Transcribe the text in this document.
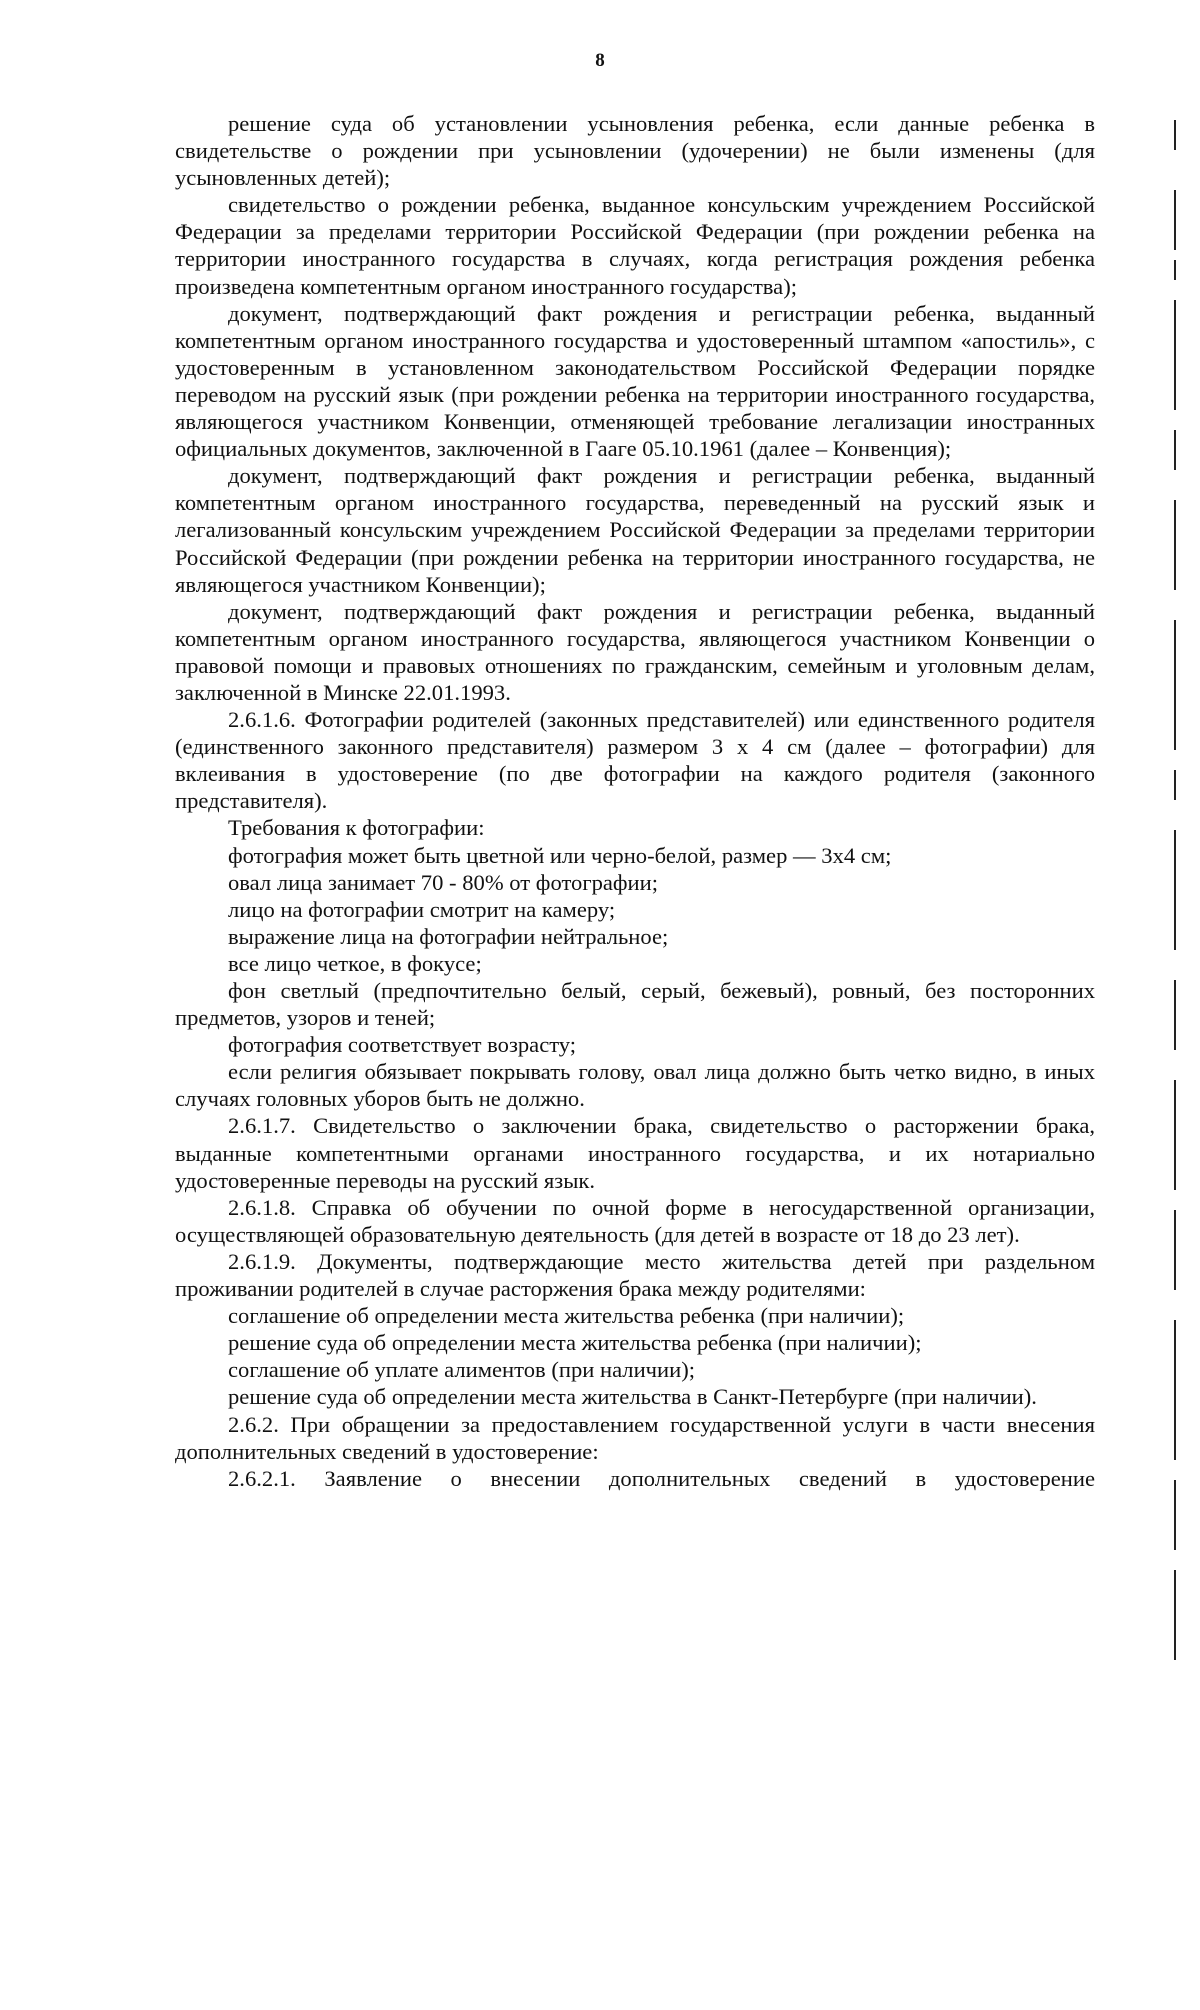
8

решение суда об установлении усыновления ребенка, если данные ребенка в свидетельстве о рождении при усыновлении (удочерении) не были изменены (для усыновленных детей);

свидетельство о рождении ребенка, выданное консульским учреждением Российской Федерации за пределами территории Российской Федерации (при рождении ребенка на территории иностранного государства в случаях, когда регистрация рождения ребенка произведена компетентным органом иностранного государства);

документ, подтверждающий факт рождения и регистрации ребенка, выданный компетентным органом иностранного государства и удостоверенный штампом «апостиль», с удостоверенным в установленном законодательством Российской Федерации порядке переводом на русский язык (при рождении ребенка на территории иностранного государства, являющегося участником Конвенции, отменяющей требование легализации иностранных официальных документов, заключенной в Гааге 05.10.1961 (далее – Конвенция);

документ, подтверждающий факт рождения и регистрации ребенка, выданный компетентным органом иностранного государства, переведенный на русский язык и легализованный консульским учреждением Российской Федерации за пределами территории Российской Федерации (при рождении ребенка на территории иностранного государства, не являющегося участником Конвенции);

документ, подтверждающий факт рождения и регистрации ребенка, выданный компетентным органом иностранного государства, являющегося участником Конвенции о правовой помощи и правовых отношениях по гражданским, семейным и уголовным делам, заключенной в Минске 22.01.1993.

2.6.1.6. Фотографии родителей (законных представителей) или единственного родителя (единственного законного представителя) размером 3 х 4 см (далее – фотографии) для вклеивания в удостоверение (по две фотографии на каждого родителя (законного представителя).

Требования к фотографии:

фотография может быть цветной или черно-белой, размер — 3х4 см;

овал лица занимает 70 - 80% от фотографии;

лицо на фотографии смотрит на камеру;

выражение лица на фотографии нейтральное;

все лицо четкое, в фокусе;

фон светлый (предпочтительно белый, серый, бежевый), ровный, без посторонних предметов, узоров и теней;

фотография соответствует возрасту;

если религия обязывает покрывать голову, овал лица должно быть четко видно, в иных случаях головных уборов быть не должно.

2.6.1.7. Свидетельство о заключении брака, свидетельство о расторжении брака, выданные компетентными органами иностранного государства, и их нотариально удостоверенные переводы на русский язык.

2.6.1.8. Справка об обучении по очной форме в негосударственной организации, осуществляющей образовательную деятельность (для детей в возрасте от 18 до 23 лет).

2.6.1.9. Документы, подтверждающие место жительства детей при раздельном проживании родителей в случае расторжения брака между родителями:

соглашение об определении места жительства ребенка (при наличии);

решение суда об определении места жительства ребенка (при наличии);

соглашение об уплате алиментов (при наличии);

решение суда об определении места жительства в Санкт-Петербурге (при наличии).

2.6.2. При обращении за предоставлением государственной услуги в части внесения дополнительных сведений в удостоверение:

2.6.2.1. Заявление о внесении дополнительных сведений в удостоверение
